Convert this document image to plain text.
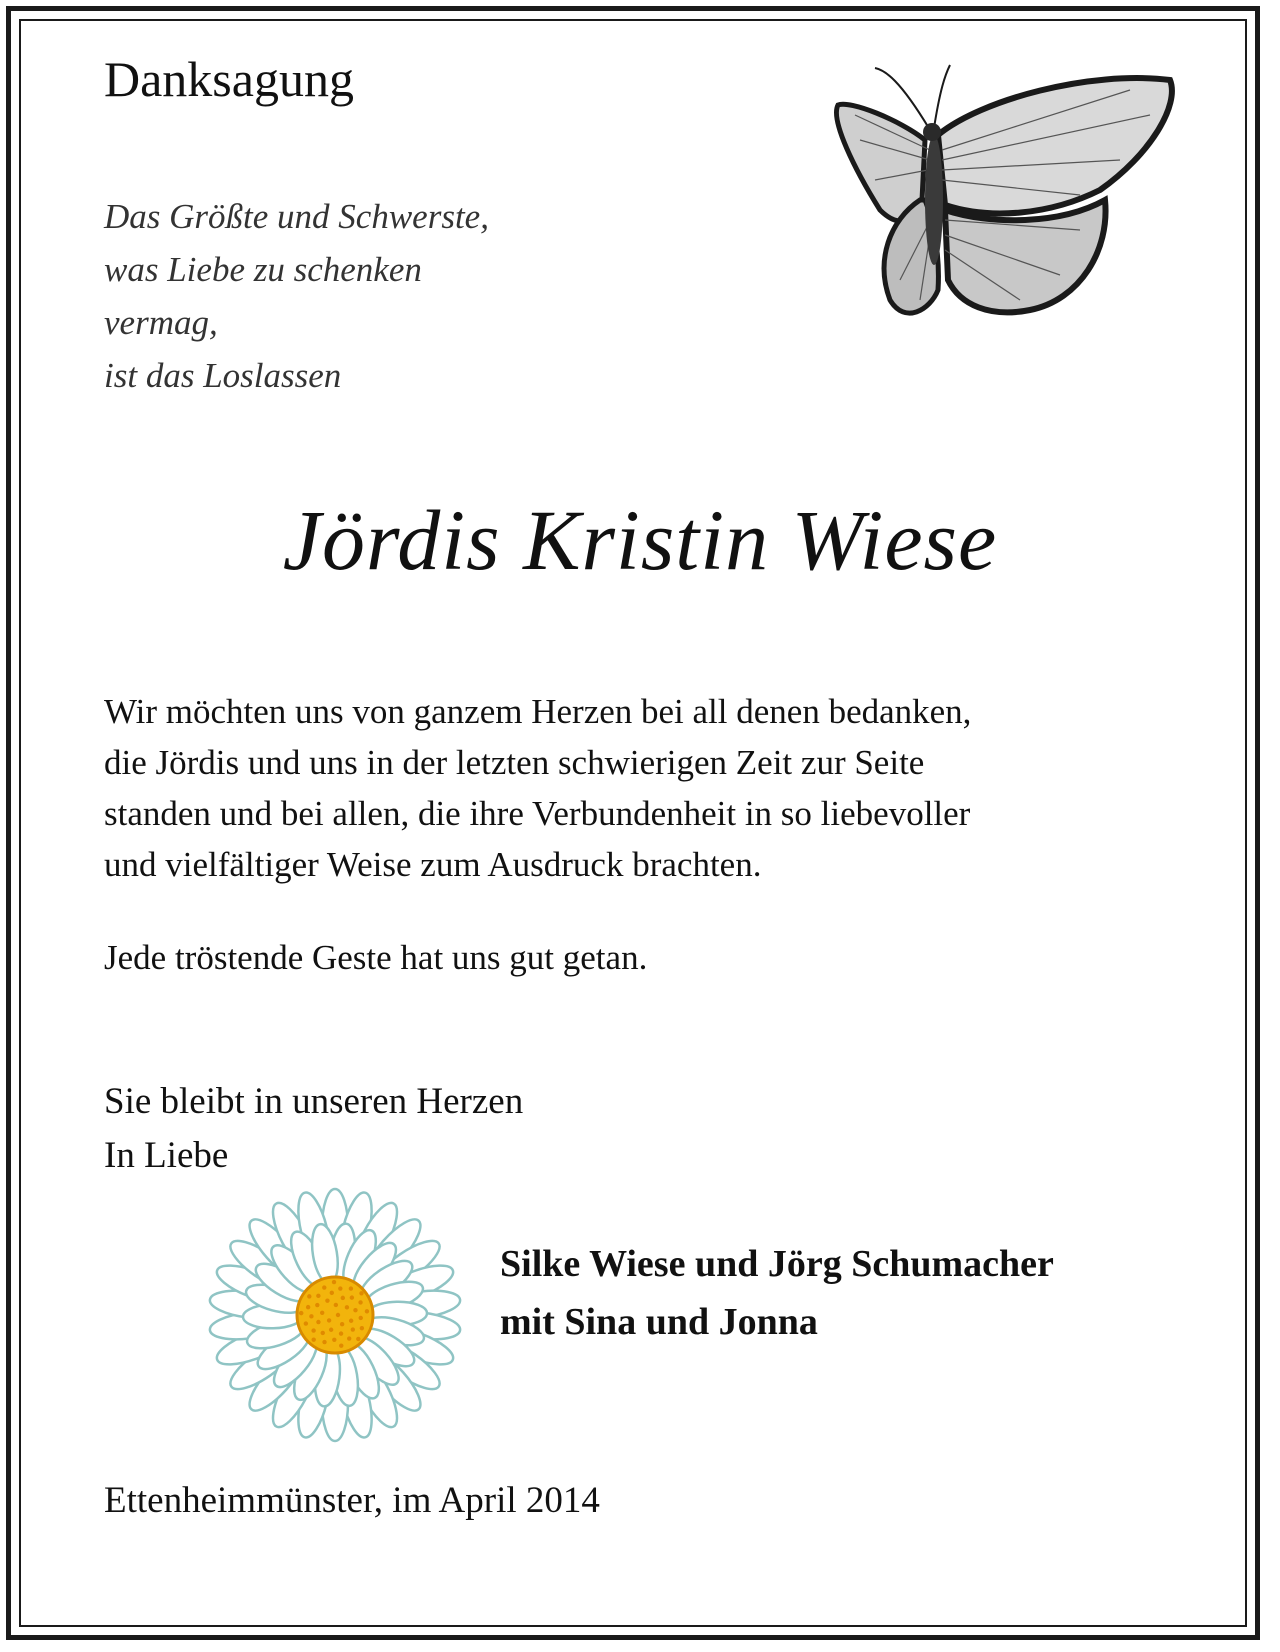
Danksagung
Das Größte und Schwerste,
was Liebe zu schenken
vermag,
ist das Loslassen
Jördis Kristin Wiese
Wir möchten uns von ganzem Herzen bei all denen bedanken,
die Jördis und uns in der letzten schwierigen Zeit zur Seite
standen und bei allen, die ihre Verbundenheit in so liebevoller
und vielfältiger Weise zum Ausdruck brachten.
Jede tröstende Geste hat uns gut getan.
Sie bleibt in unseren Herzen
In Liebe
Silke Wiese und Jörg Schumacher
mit Sina und Jonna
Ettenheimmünster, im April 2014
